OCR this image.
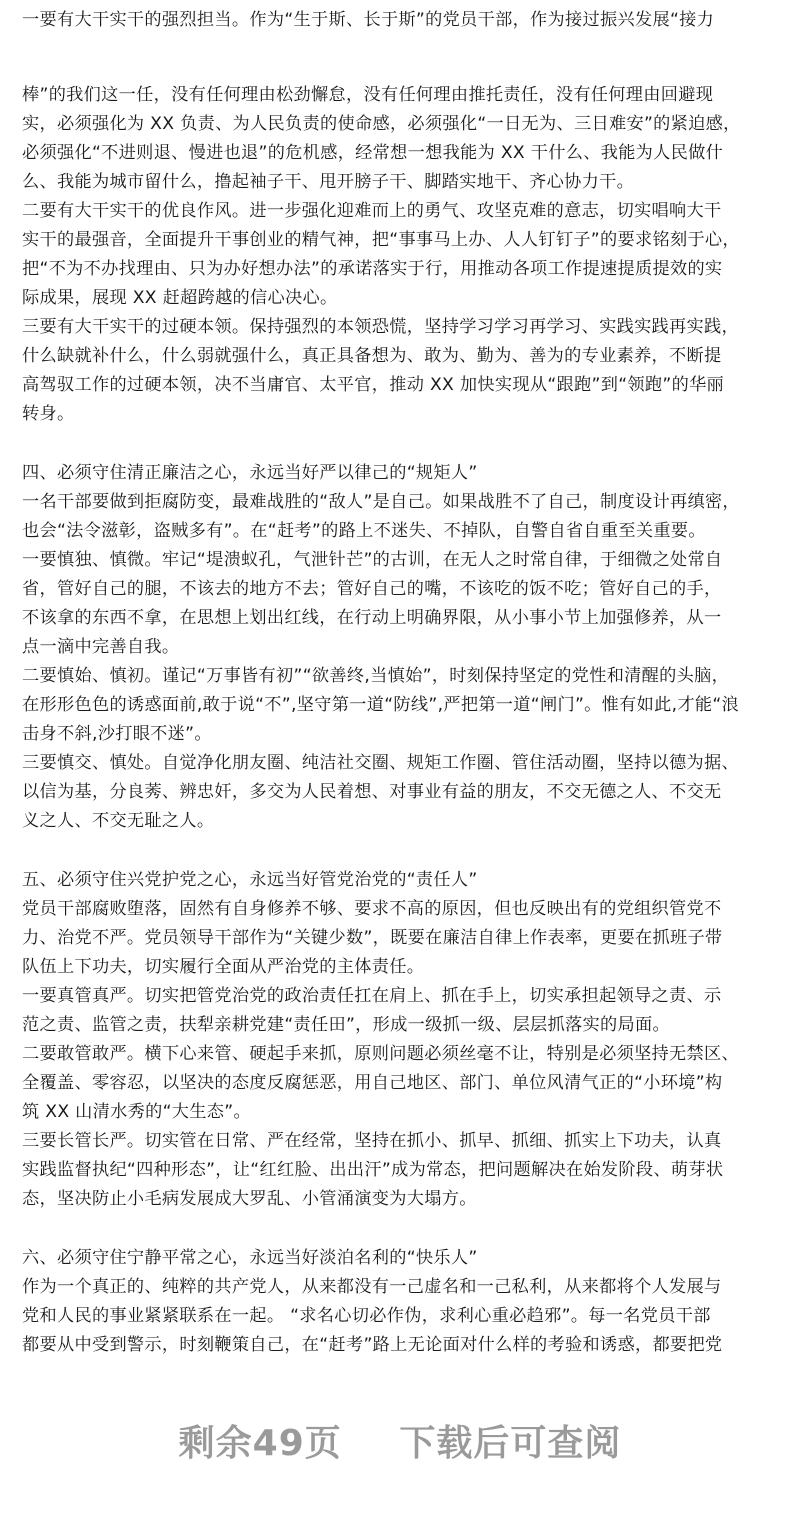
一要有大干实干的强烈担当。作为“生于斯、长于斯”的党员干部，作为接过振兴发展“接力
棒”的我们这一任，没有任何理由松劲懈怠，没有任何理由推托责任，没有任何理由回避现
实，必须强化为 XX 负责、为人民负责的使命感，必须强化“一日无为、三日难安”的紧迫感，
必须强化“不进则退、慢进也退”的危机感，经常想一想我能为 XX 干什么、我能为人民做什
么、我能为城市留什么，撸起袖子干、甩开膀子干、脚踏实地干、齐心协力干。
二要有大干实干的优良作风。进一步强化迎难而上的勇气、攻坚克难的意志，切实唱响大干
实干的最强音，全面提升干事创业的精气神，把“事事马上办、人人钉钉子”的要求铭刻于心，
把“不为不办找理由、只为办好想办法”的承诺落实于行，用推动各项工作提速提质提效的实
际成果，展现 XX 赶超跨越的信心决心。
三要有大干实干的过硬本领。保持强烈的本领恐慌，坚持学习学习再学习、实践实践再实践，
什么缺就补什么，什么弱就强什么，真正具备想为、敢为、勤为、善为的专业素养，不断提
高驾驭工作的过硬本领，决不当庸官、太平官，推动 XX 加快实现从“跟跑”到“领跑”的华丽
转身。
四、必须守住清正廉洁之心，永远当好严以律己的“规矩人”
一名干部要做到拒腐防变，最难战胜的“敌人”是自己。如果战胜不了自己，制度设计再缜密，
也会“法令滋彰，盗贼多有”。在“赶考”的路上不迷失、不掉队，自警自省自重至关重要。
一要慎独、慎微。牢记“堤溃蚁孔，气泄针芒”的古训，在无人之时常自律，于细微之处常自
省，管好自己的腿，不该去的地方不去；管好自己的嘴，不该吃的饭不吃；管好自己的手，
不该拿的东西不拿，在思想上划出红线，在行动上明确界限，从小事小节上加强修养，从一
点一滴中完善自我。
二要慎始、慎初。谨记“万事皆有初”“欲善终,当慎始”，时刻保持坚定的党性和清醒的头脑，
在形形色色的诱惑面前,敢于说“不”,坚守第一道“防线”,严把第一道“闸门”。惟有如此,才能“浪
击身不斜,沙打眼不迷”。
三要慎交、慎处。自觉净化朋友圈、纯洁社交圈、规矩工作圈、管住活动圈，坚持以德为据、
以信为基，分良莠、辨忠奸，多交为人民着想、对事业有益的朋友，不交无德之人、不交无
义之人、不交无耻之人。
五、必须守住兴党护党之心，永远当好管党治党的“责任人”
党员干部腐败堕落，固然有自身修养不够、要求不高的原因，但也反映出有的党组织管党不
力、治党不严。党员领导干部作为“关键少数”，既要在廉洁自律上作表率，更要在抓班子带
队伍上下功夫，切实履行全面从严治党的主体责任。
一要真管真严。切实把管党治党的政治责任扛在肩上、抓在手上，切实承担起领导之责、示
范之责、监管之责，扶犁亲耕党建“责任田”，形成一级抓一级、层层抓落实的局面。
二要敢管敢严。横下心来管、硬起手来抓，原则问题必须丝毫不让，特别是必须坚持无禁区、
全覆盖、零容忍，以坚决的态度反腐惩恶，用自己地区、部门、单位风清气正的“小环境”构
筑 XX 山清水秀的“大生态”。
三要长管长严。切实管在日常、严在经常，坚持在抓小、抓早、抓细、抓实上下功夫，认真
实践监督执纪“四种形态”，让“红红脸、出出汗”成为常态，把问题解决在始发阶段、萌芽状
态，坚决防止小毛病发展成大罗乱、小管涌演变为大塌方。
六、必须守住宁静平常之心，永远当好淡泊名利的“快乐人”
作为一个真正的、纯粹的共产党人，从来都没有一己虚名和一己私利，从来都将个人发展与
党和人民的事业紧紧联系在一起。 “求名心切必作伪，求利心重必趋邪”。每一名党员干部
都要从中受到警示，时刻鞭策自己，在“赶考”路上无论面对什么样的考验和诱惑，都要把党
剩余49页 下载后可查阅
